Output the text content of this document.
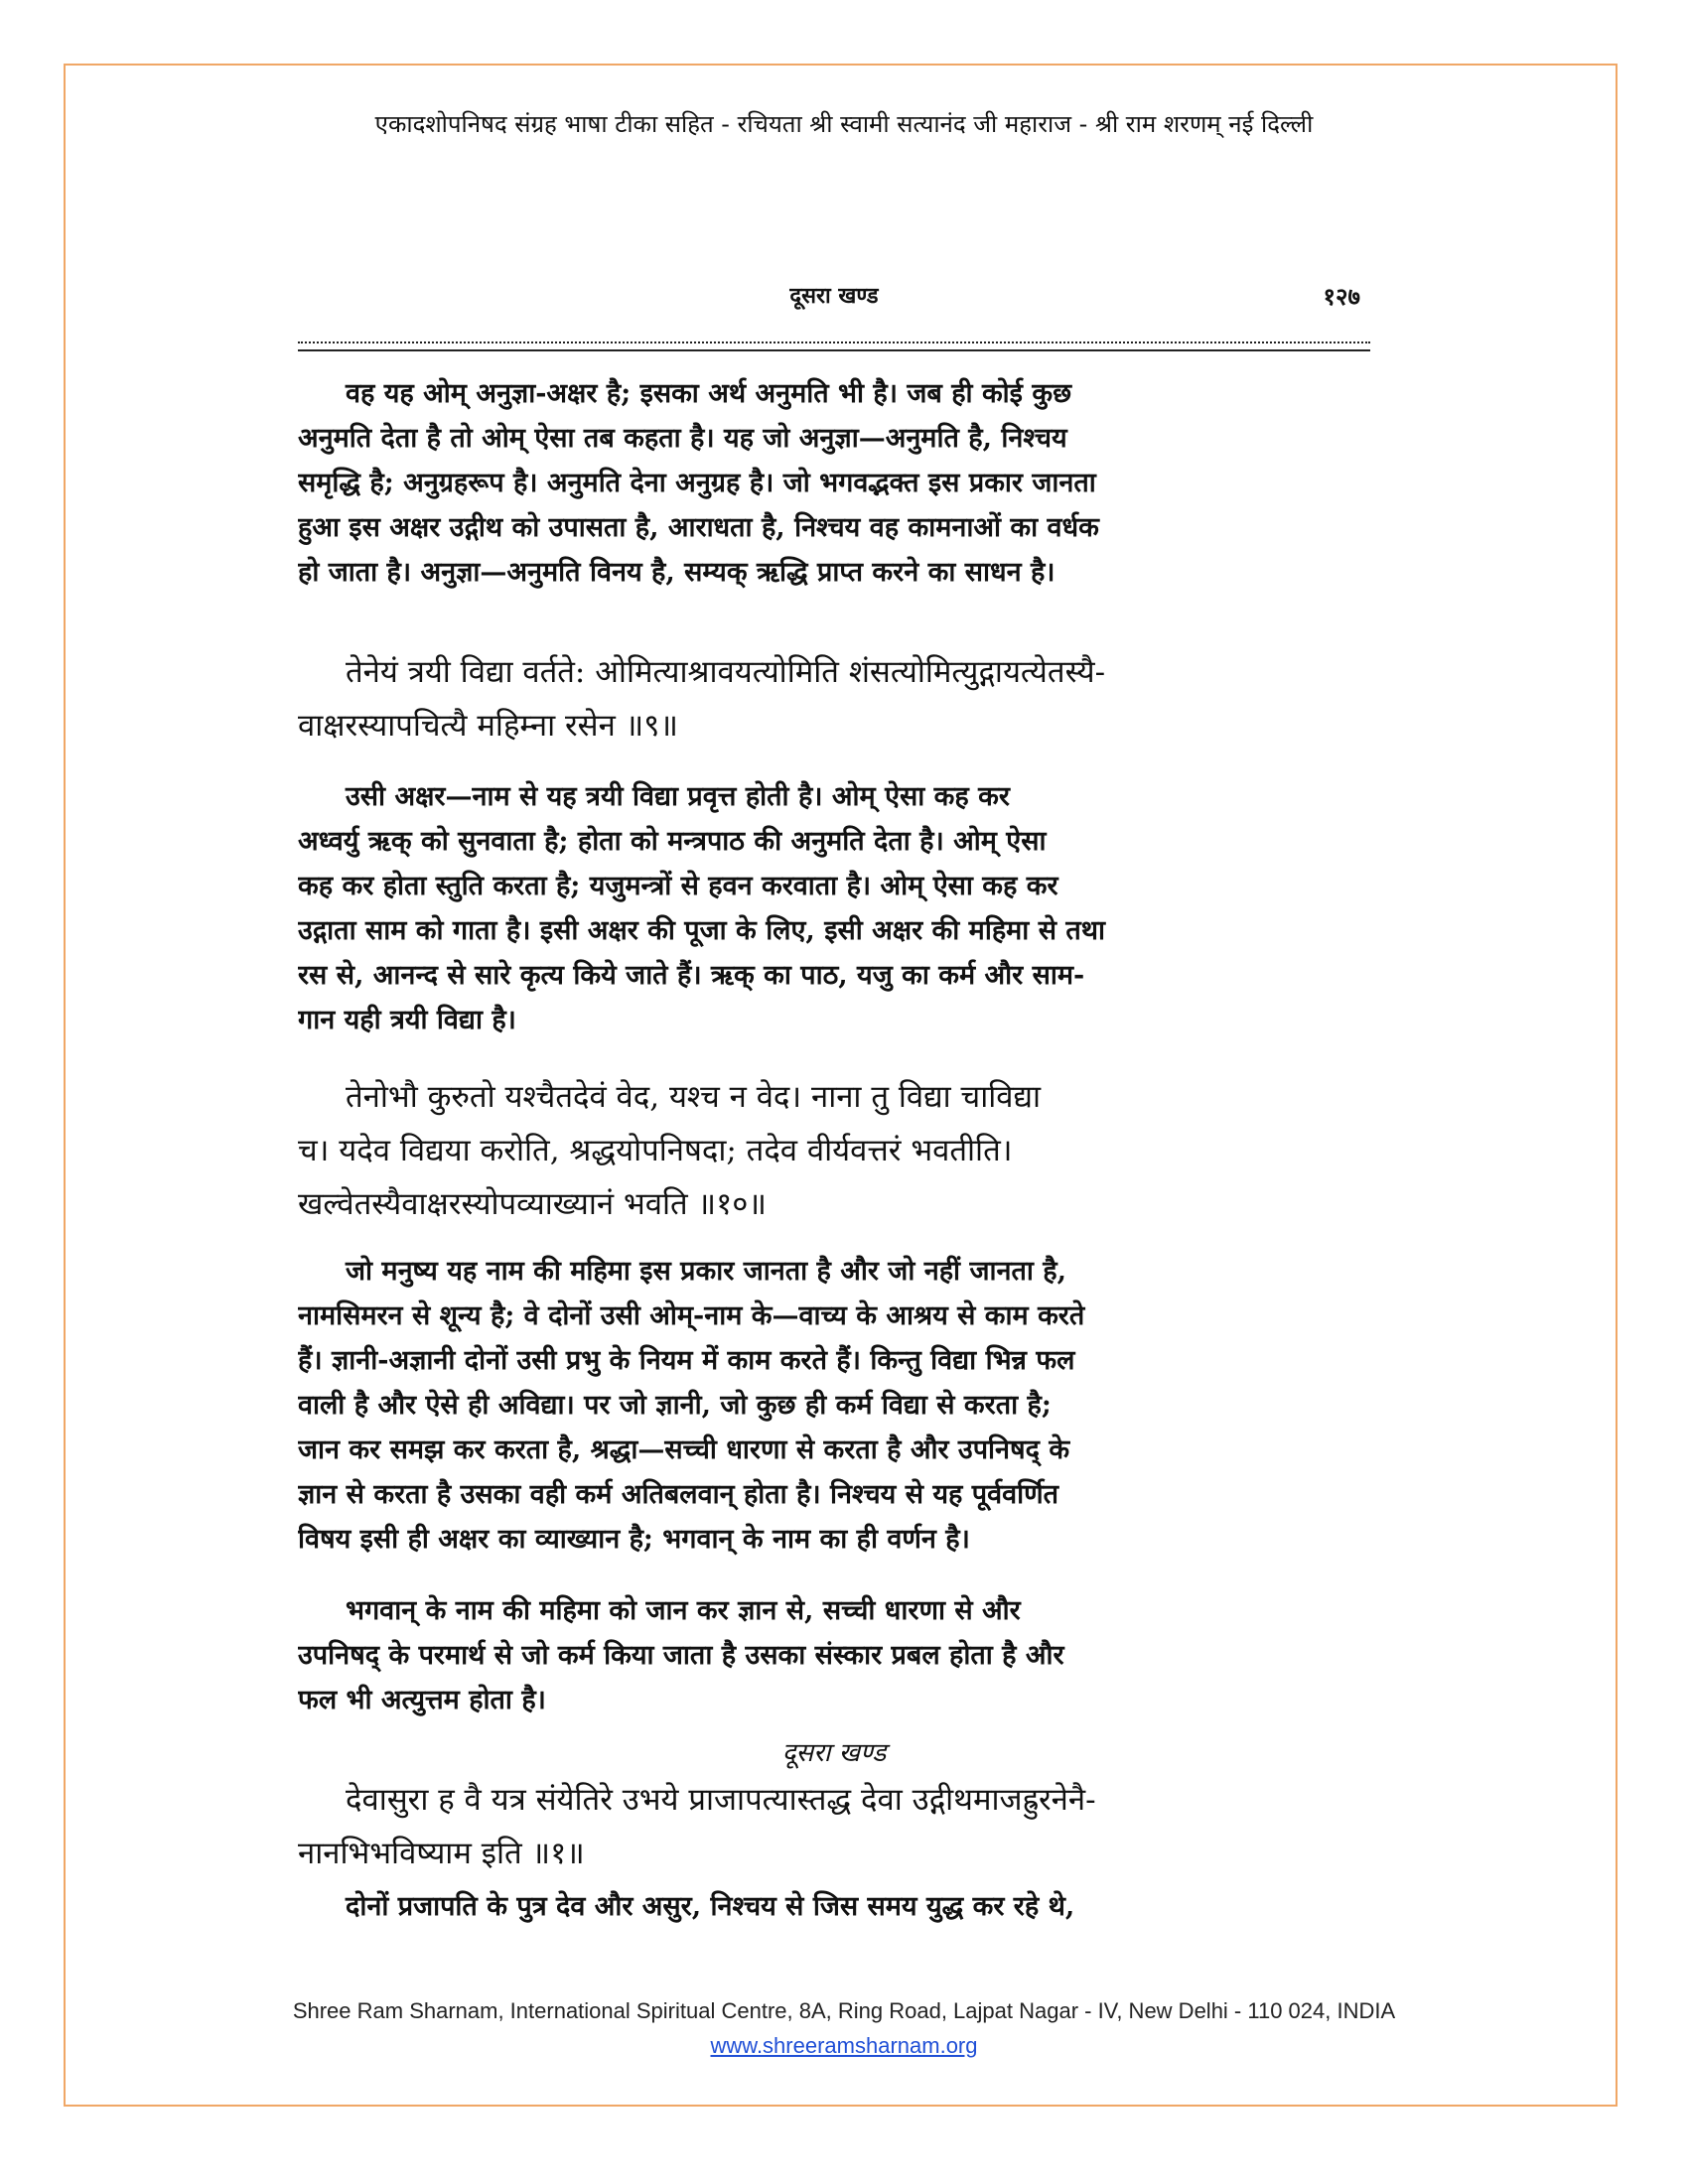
एकादशोपनिषद संग्रह भाषा टीका सहित - रचियता श्री स्वामी सत्यानंद जी महाराज - श्री राम शरणम् नई दिल्ली
दूसरा खण्ड	१२७
वह यह ओम् अनुज्ञा-अक्षर है; इसका अर्थ अनुमति भी है। जब ही कोई कुछ
अनुमति देता है तो ओम् ऐसा तब कहता है। यह जो अनुज्ञा—अनुमति है, निश्चय
समृद्धि है; अनुग्रहरूप है। अनुमति देना अनुग्रह है। जो भगवद्भक्त इस प्रकार जानता
हुआ इस अक्षर उद्गीथ को उपासता है, आराधता है, निश्चय वह कामनाओं का वर्धक
हो जाता है। अनुज्ञा—अनुमति विनय है, सम्यक् ऋद्धि प्राप्त करने का साधन है।
तेनेयं त्रयी विद्या वर्तते: ओमित्याश्रावयत्योमिति शंसत्योमित्युद्गायत्येतस्यै-
वाक्षरस्यापचित्यै महिम्ना रसेन ॥९॥
उसी अक्षर—नाम से यह त्रयी विद्या प्रवृत्त होती है। ओम् ऐसा कह कर
अध्वर्यु ऋक् को सुनवाता है; होता को मन्त्रपाठ की अनुमति देता है। ओम् ऐसा
कह कर होता स्तुति करता है; यजुमन्त्रों से हवन करवाता है। ओम् ऐसा कह कर
उद्गाता साम को गाता है। इसी अक्षर की पूजा के लिए, इसी अक्षर की महिमा से तथा
रस से, आनन्द से सारे कृत्य किये जाते हैं। ऋक् का पाठ, यजु का कर्म और साम-
गान यही त्रयी विद्या है।
तेनोभौ कुरुतो यश्चैतदेवं वेद, यश्च न वेद। नाना तु विद्या चाविद्या
च। यदेव विद्यया करोति, श्रद्धयोपनिषदा; तदेव वीर्यवत्तरं भवतीति।
खल्वेतस्यैवाक्षरस्योपव्याख्यानं भवति ॥१०॥
जो मनुष्य यह नाम की महिमा इस प्रकार जानता है और जो नहीं जानता है,
नामसिमरन से शून्य है; वे दोनों उसी ओम्-नाम के—वाच्य के आश्रय से काम करते
हैं। ज्ञानी-अज्ञानी दोनों उसी प्रभु के नियम में काम करते हैं। किन्तु विद्या भिन्न फल
वाली है और ऐसे ही अविद्या। पर जो ज्ञानी, जो कुछ ही कर्म विद्या से करता है;
जान कर समझ कर करता है, श्रद्धा—सच्ची धारणा से करता है और उपनिषद् के
ज्ञान से करता है उसका वही कर्म अतिबलवान् होता है। निश्चय से यह पूर्ववर्णित
विषय इसी ही अक्षर का व्याख्यान है; भगवान् के नाम का ही वर्णन है।
भगवान् के नाम की महिमा को जान कर ज्ञान से, सच्ची धारणा से और
उपनिषद् के परमार्थ से जो कर्म किया जाता है उसका संस्कार प्रबल होता है और
फल भी अत्युत्तम होता है।
दूसरा खण्ड
देवासुरा ह वै यत्र संयेतिरे उभये प्राजापत्यास्तद्ध देवा उद्गीथमाजह्रुरनेनै-
नानभिभविष्याम इति ॥१॥
दोनों प्रजापति के पुत्र देव और असुर, निश्चय से जिस समय युद्ध कर रहे थे,
Shree Ram Sharnam, International Spiritual Centre, 8A, Ring Road, Lajpat Nagar - IV, New Delhi - 110 024, INDIA
www.shreeramsharnam.org
